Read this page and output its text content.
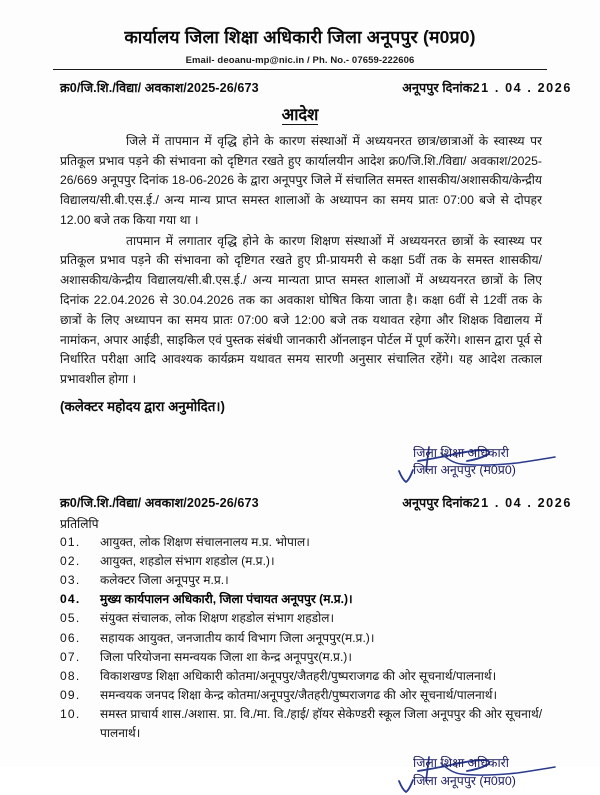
कार्यालय जिला शिक्षा अधिकारी जिला अनूपपुर (म0प्र0)
Email- deoanu-mp@nic.in / Ph. No.- 07659-222606
क्र0/जि.शि./विद्या/ अवकाश/2025-26/673	अनूपपुर दिनांक21 . 04 . 2026
आदेश

जिले में तापमान में वृद्धि होने के कारण संस्थाओं में अध्ययनरत छात्र/छात्राओं के स्वास्थ्य पर प्रतिकूल प्रभाव पड़ने की संभावना को दृष्टिगत रखते हुए कार्यालयीन आदेश क्र0/जि.शि./विद्या/ अवकाश/2025-26/669 अनूपपुर दिनांक 18-06-2026 के द्वारा अनूपपुर जिले में संचालित समस्त शासकीय/अशासकीय/केन्द्रीय विद्यालय/सी.बी.एस.ई./ अन्य मान्य प्राप्त समस्त शालाओं के अध्यापन का समय प्रातः 07:00 बजे से दोपहर 12.00 बजे तक किया गया था ।

तापमान में लगातार वृद्धि होने के कारण शिक्षण संस्थाओं में अध्ययनरत छात्रों के स्वास्थ्य पर प्रतिकूल प्रभाव पड़ने की संभावना को दृष्टिगत रखते हुए प्री-प्रायमरी से कक्षा 5वीं तक के समस्त शासकीय/अशासकीय/केन्द्रीय विद्यालय/सी.बी.एस.ई./ अन्य मान्यता प्राप्त समस्त शालाओं में अध्ययनरत छात्रों के लिए दिनांक 22.04.2026 से 30.04.2026 तक का अवकाश घोषित किया जाता है। कक्षा 6वीं से 12वीं तक के छात्रों के लिए अध्यापन का समय प्रातः 07:00 बजे 12:00 बजे तक यथावत रहेगा और शिक्षक विद्यालय में नामांकन, अपार आईडी, साइकिल एवं पुस्तक संबंधी जानकारी ऑनलाइन पोर्टल में पूर्ण करेंगे। शासन द्वारा पूर्व से निर्धारित परीक्षा आदि आवश्यक कार्यक्रम यथावत समय सारणी अनुसार संचालित रहेंगे। यह आदेश तत्काल प्रभावशील होगा ।

(कलेक्टर महोदय द्वारा अनुमोदित।)
जिला शिक्षा अधिकारी
जिला अनूपपुर (म0प्र0)
क्र0/जि.शि./विद्या/ अवकाश/2025-26/673	अनूपपुर दिनांक21 . 04 . 2026
प्रतिलिपि
01.	आयुक्त, लोक शिक्षण संचालनालय म.प्र. भोपाल।
02.	आयुक्त, शहडोल संभाग शहडोल (म.प्र.)।
03.	कलेक्टर जिला अनूपपुर म.प्र.।
04.	मुख्य कार्यपालन अधिकारी, जिला पंचायत अनूपपुर (म.प्र.)।
05.	संयुक्त संचालक, लोक शिक्षण शहडोल संभाग शहडोल।
06.	सहायक आयुक्त, जनजातीय कार्य विभाग जिला अनूपपुर(म.प्र.)।
07.	जिला परियोजना समन्वयक जिला शा केन्द्र अनूपपुर(म.प्र.)।
08.	विकाशखण्ड शिक्षा अधिकारी कोतमा/अनूपपुर/जैतहरी/पुष्पराजगढ की ओर सूचनार्थ/पालनार्थ।
09.	समन्वयक जनपद शिक्षा केन्द्र कोतमा/अनूपपुर/जैतहरी/पुष्पराजगढ की ओर सूचनार्थ/पालनार्थ।
10.	समस्त प्राचार्य शास./अशास. प्रा. वि./मा. वि./हाई/ हॉयर सेकेण्डरी स्कूल जिला अनूपपुर की ओर सूचनार्थ/ पालनार्थ।
जिला शिक्षा अधिकारी
जिला अनूपपुर (म0प्र0)
